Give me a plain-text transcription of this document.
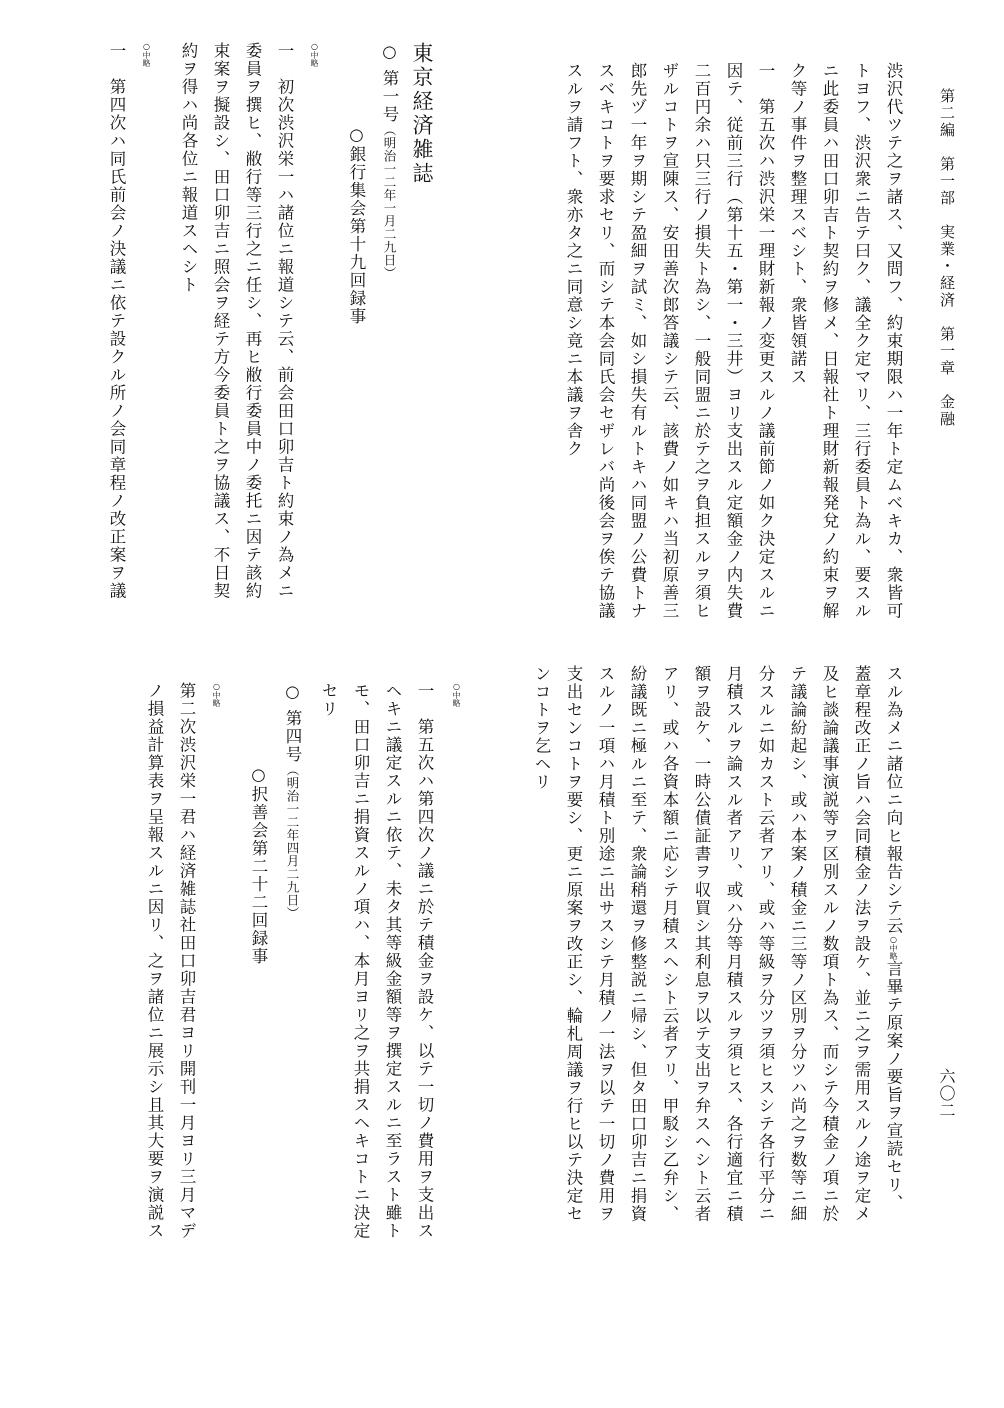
第二編　第一部　実業・経済　第一章　金融
六〇二
渋沢代ツテ之ヲ諸ス、又問フ、約束期限ハ一年ト定ムベキカ、衆皆可
トヨフ、渋沢衆ニ告テ曰ク、議全ク定マリ、三行委員ト為ル、要スル
ニ此委員ハ田口卯吉ト契約ヲ修メ、日報社ト理財新報発兌ノ約束ヲ解
ク等ノ事件ヲ整理スベシト、衆皆領諾ス
一　第五次ハ渋沢栄一理財新報ノ変更スルノ議前節ノ如ク決定スルニ
因テ、従前三行（第十五・第一・三井）ヨリ支出スル定額金ノ内失費
二百円余ハ只三行ノ損失ト為シ、一般同盟ニ於テ之ヲ負担スルヲ須ヒ
ザルコトヲ宣陳ス、安田善次郎答議シテ云、該費ノ如キハ当初原善三
郎先ヅ一年ヲ期シテ盈細ヲ試ミ、如シ損失有ルトキハ同盟ノ公費トナ
スベキコトヲ要求セリ、而シテ本会同氏会セザレバ尚後会ヲ俟テ協議
スルヲ請フト、衆亦タ之ニ同意シ竟ニ本議ヲ舎ク
スル為メニ諸位ニ向ヒ報告シテ云○中略言畢テ原案ノ要旨ヲ宣読セリ、
蓋章程改正ノ旨ハ会同積金ノ法ヲ設ケ、並ニ之ヲ需用スルノ途ヲ定メ
及ヒ談論議事演説等ヲ区別スルノ数項ト為ス、而シテ今積金ノ項ニ於
テ議論紛起シ、或ハ本案ノ積金ニ三等ノ区別ヲ分ツハ尚之ヲ数等ニ細
分スルニ如カスト云者アリ、或ハ等級ヲ分ツヲ須ヒスシテ各行平分ニ
月積スルヲ論スル者アリ、或ハ分等月積スルヲ須ヒス、各行適宜ニ積
額ヲ設ケ、一時公債証書ヲ収買シ其利息ヲ以テ支出ヲ弁スヘシト云者
アリ、或ハ各資本額ニ応シテ月積スヘシト云者アリ、甲駁シ乙弁シ、
紛議既ニ極ルニ至テ、衆論稍還ヲ修整説ニ帰シ、但タ田口卯吉ニ捐資
スルノ一項ハ月積ト別途ニ出サスシテ月積ノ一法ヲ以テ一切ノ費用ヲ
支出センコトヲ要シ、更ニ原案ヲ改正シ、輪札周議ヲ行ヒ以テ決定セ
ンコトヲ乞ヘリ
東京経済雑誌
○ 第一号（明治一二年一月二九日）
○銀行集会第十九回録事
○中略
一　初次渋沢栄一ハ諸位ニ報道シテ云、前会田口卯吉ト約束ノ為メニ
委員ヲ撰ヒ、敝行等三行之ニ任シ、再ヒ敝行委員中ノ委托ニ因テ該約
束案ヲ擬設シ、田口卯吉ニ照会ヲ経テ方今委員ト之ヲ協議ス、不日契
約ヲ得ハ尚各位ニ報道スヘシト
○中略
一　第四次ハ同氏前会ノ決議ニ依テ設クル所ノ会同章程ノ改正案ヲ議
○中略
一　第五次ハ第四次ノ議ニ於テ積金ヲ設ケ、以テ一切ノ費用ヲ支出ス
ヘキニ議定スルニ依テ、未タ其等級金額等ヲ撰定スルニ至ラスト雖ト
モ、田口卯吉ニ捐資スルノ項ハ、本月ヨリ之ヲ共捐スヘキコトニ決定
セリ
○ 第四号（明治一二年四月二九日）
○択善会第二十二回録事
○中略
第二次渋沢栄一君ハ経済雑誌社田口卯吉君ヨリ開刊一月ヨリ三月マデ
ノ損益計算表ヲ呈報スルニ因リ、之ヲ諸位ニ展示シ且其大要ヲ演説ス
